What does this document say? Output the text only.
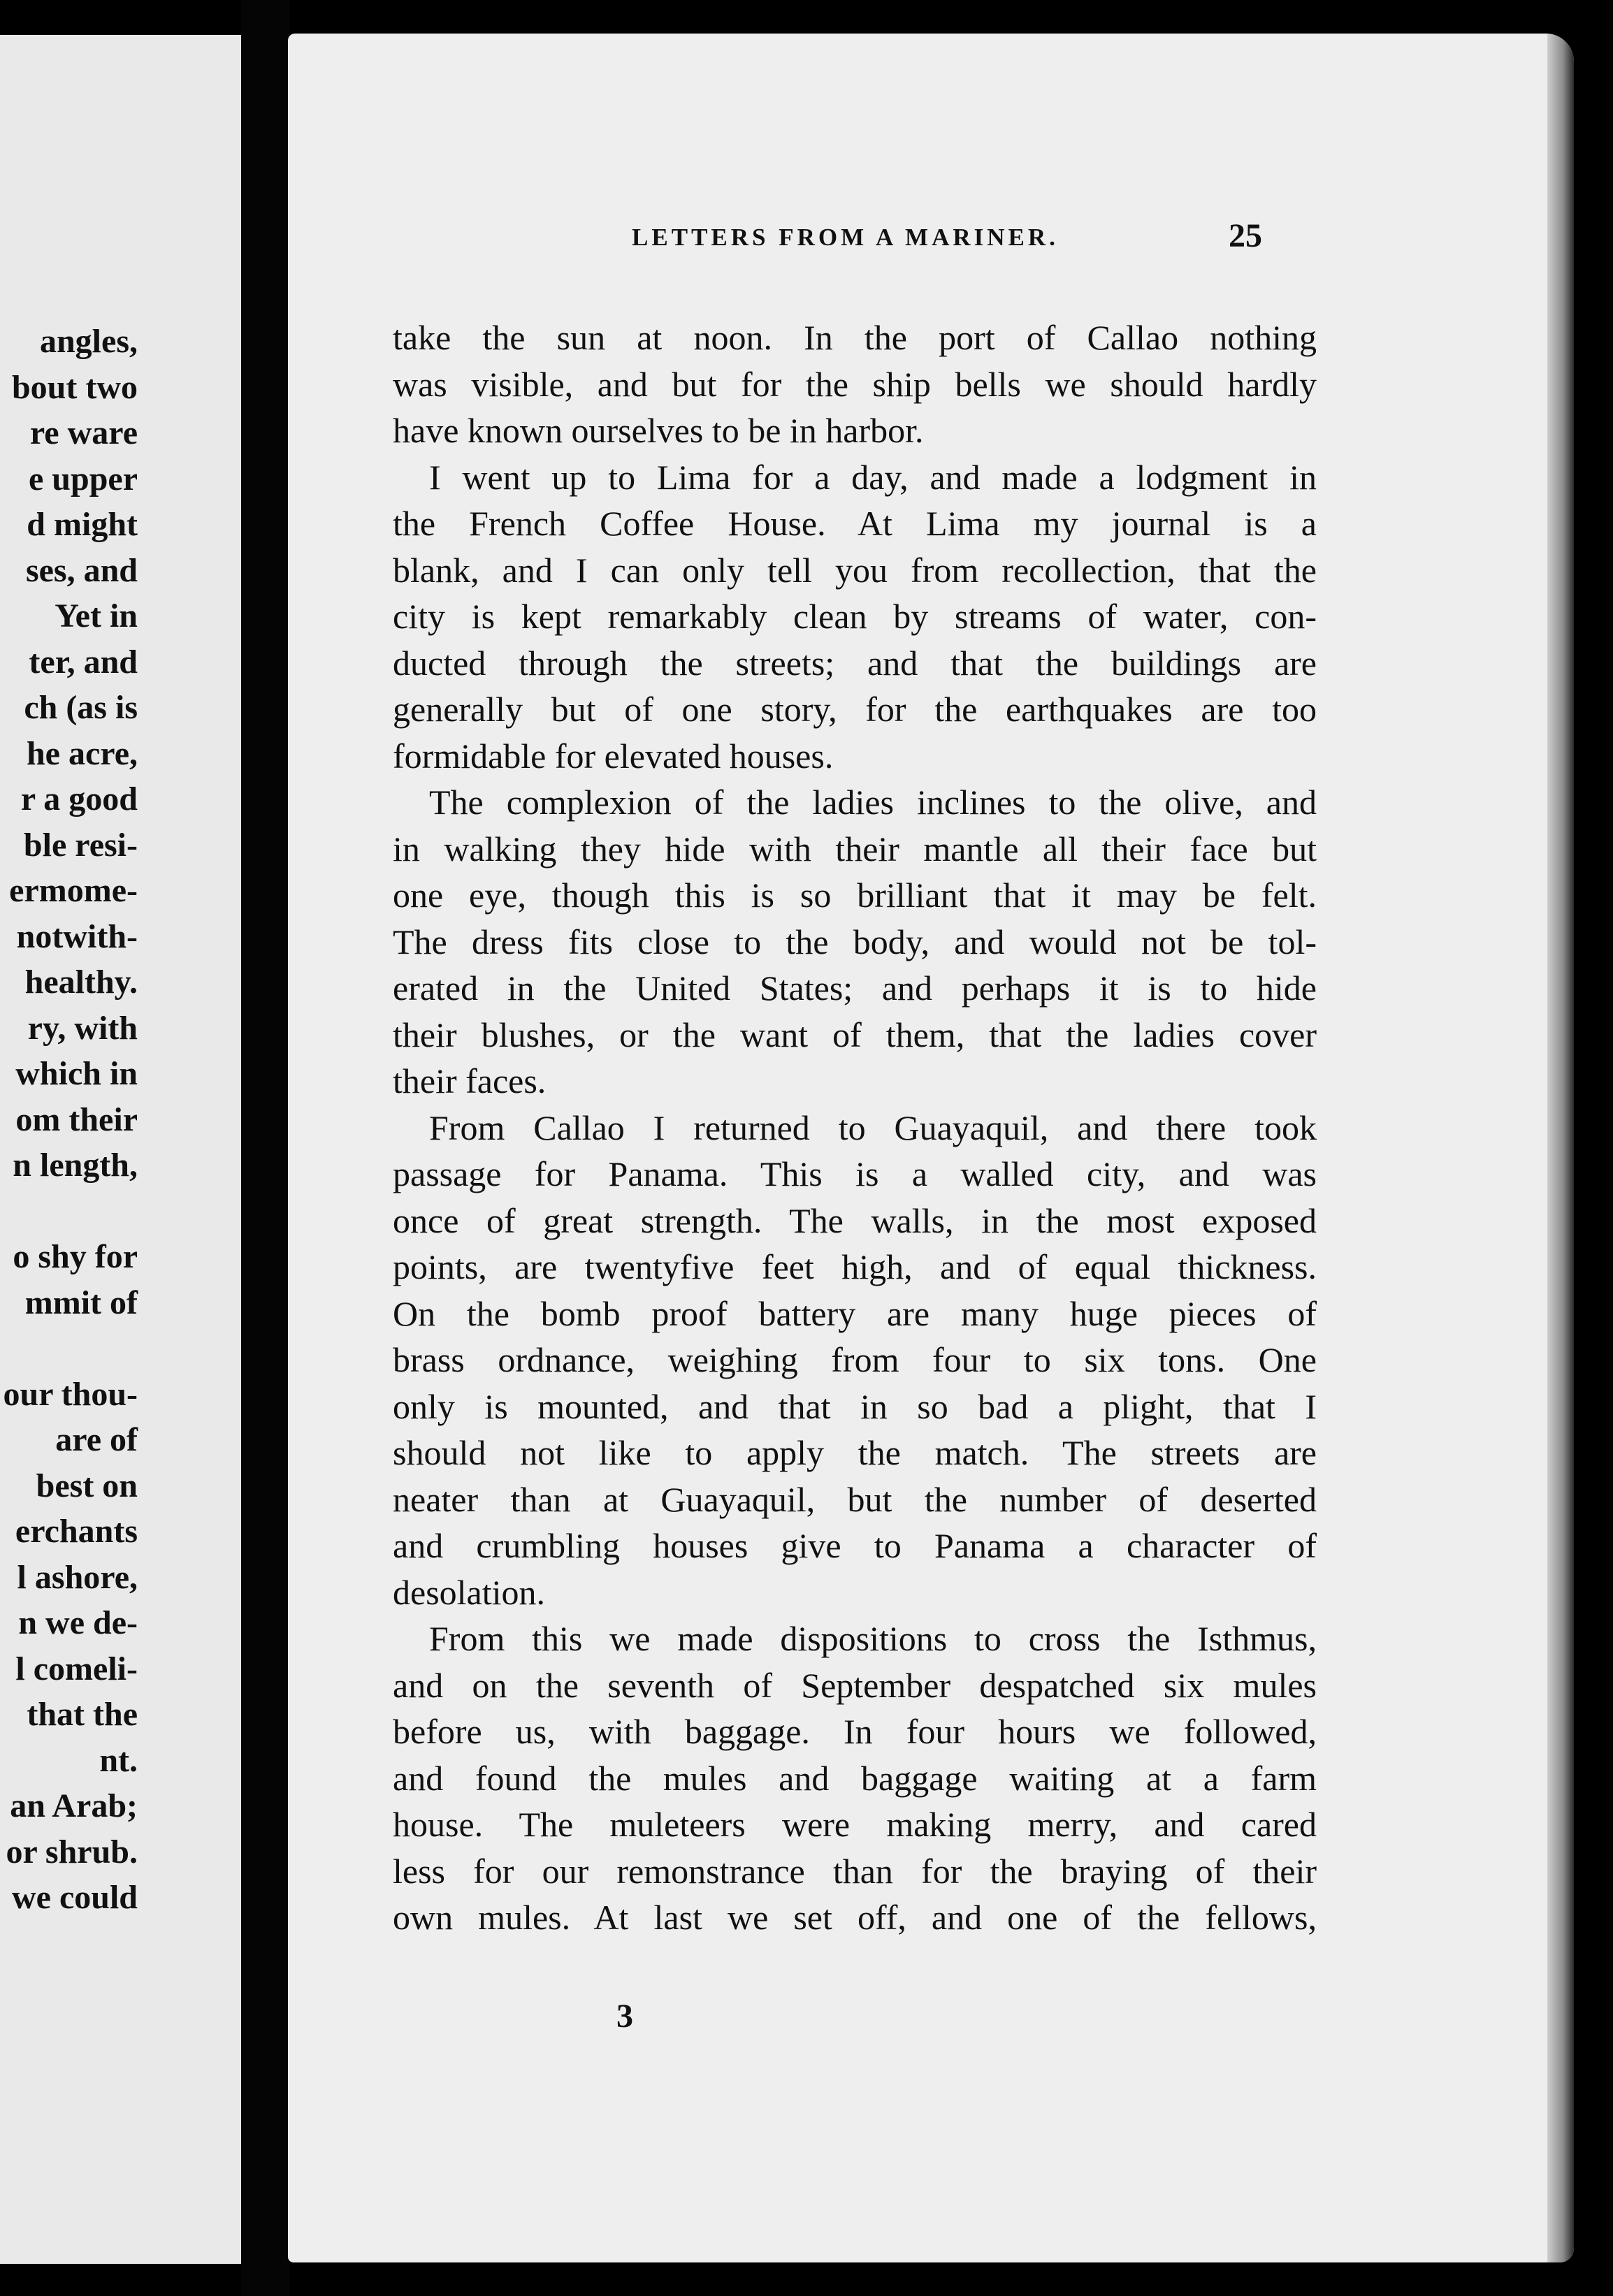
angles,
bout two
re ware
e upper
d might
ses, and
Yet in
ter, and
ch (as is
he acre,
r a good
ble resi-
ermome-
notwith-
healthy.
ry, with
which in
om their
n length,
o shy for
mmit of
our thou-
are of
best on
erchants
l ashore,
n we de-
l comeli-
that the
nt.
an Arab;
or shrub.
we could
LETTERS FROM A MARINER.	25
take the sun at noon. In the port of Callao nothing
was visible, and but for the ship bells we should hardly
have known ourselves to be in harbor.
I went up to Lima for a day, and made a lodgment in
the French Coffee House. At Lima my journal is a
blank, and I can only tell you from recollection, that the
city is kept remarkably clean by streams of water, con-
ducted through the streets; and that the buildings are
generally but of one story, for the earthquakes are too
formidable for elevated houses.
The complexion of the ladies inclines to the olive, and
in walking they hide with their mantle all their face but
one eye, though this is so brilliant that it may be felt.
The dress fits close to the body, and would not be tol-
erated in the United States; and perhaps it is to hide
their blushes, or the want of them, that the ladies cover
their faces.
From Callao I returned to Guayaquil, and there took
passage for Panama. This is a walled city, and was
once of great strength. The walls, in the most exposed
points, are twentyfive feet high, and of equal thickness.
On the bomb proof battery are many huge pieces of
brass ordnance, weighing from four to six tons. One
only is mounted, and that in so bad a plight, that I
should not like to apply the match. The streets are
neater than at Guayaquil, but the number of deserted
and crumbling houses give to Panama a character of
desolation.
From this we made dispositions to cross the Isthmus,
and on the seventh of September despatched six mules
before us, with baggage. In four hours we followed,
and found the mules and baggage waiting at a farm
house. The muleteers were making merry, and cared
less for our remonstrance than for the braying of their
own mules. At last we set off, and one of the fellows,
3
